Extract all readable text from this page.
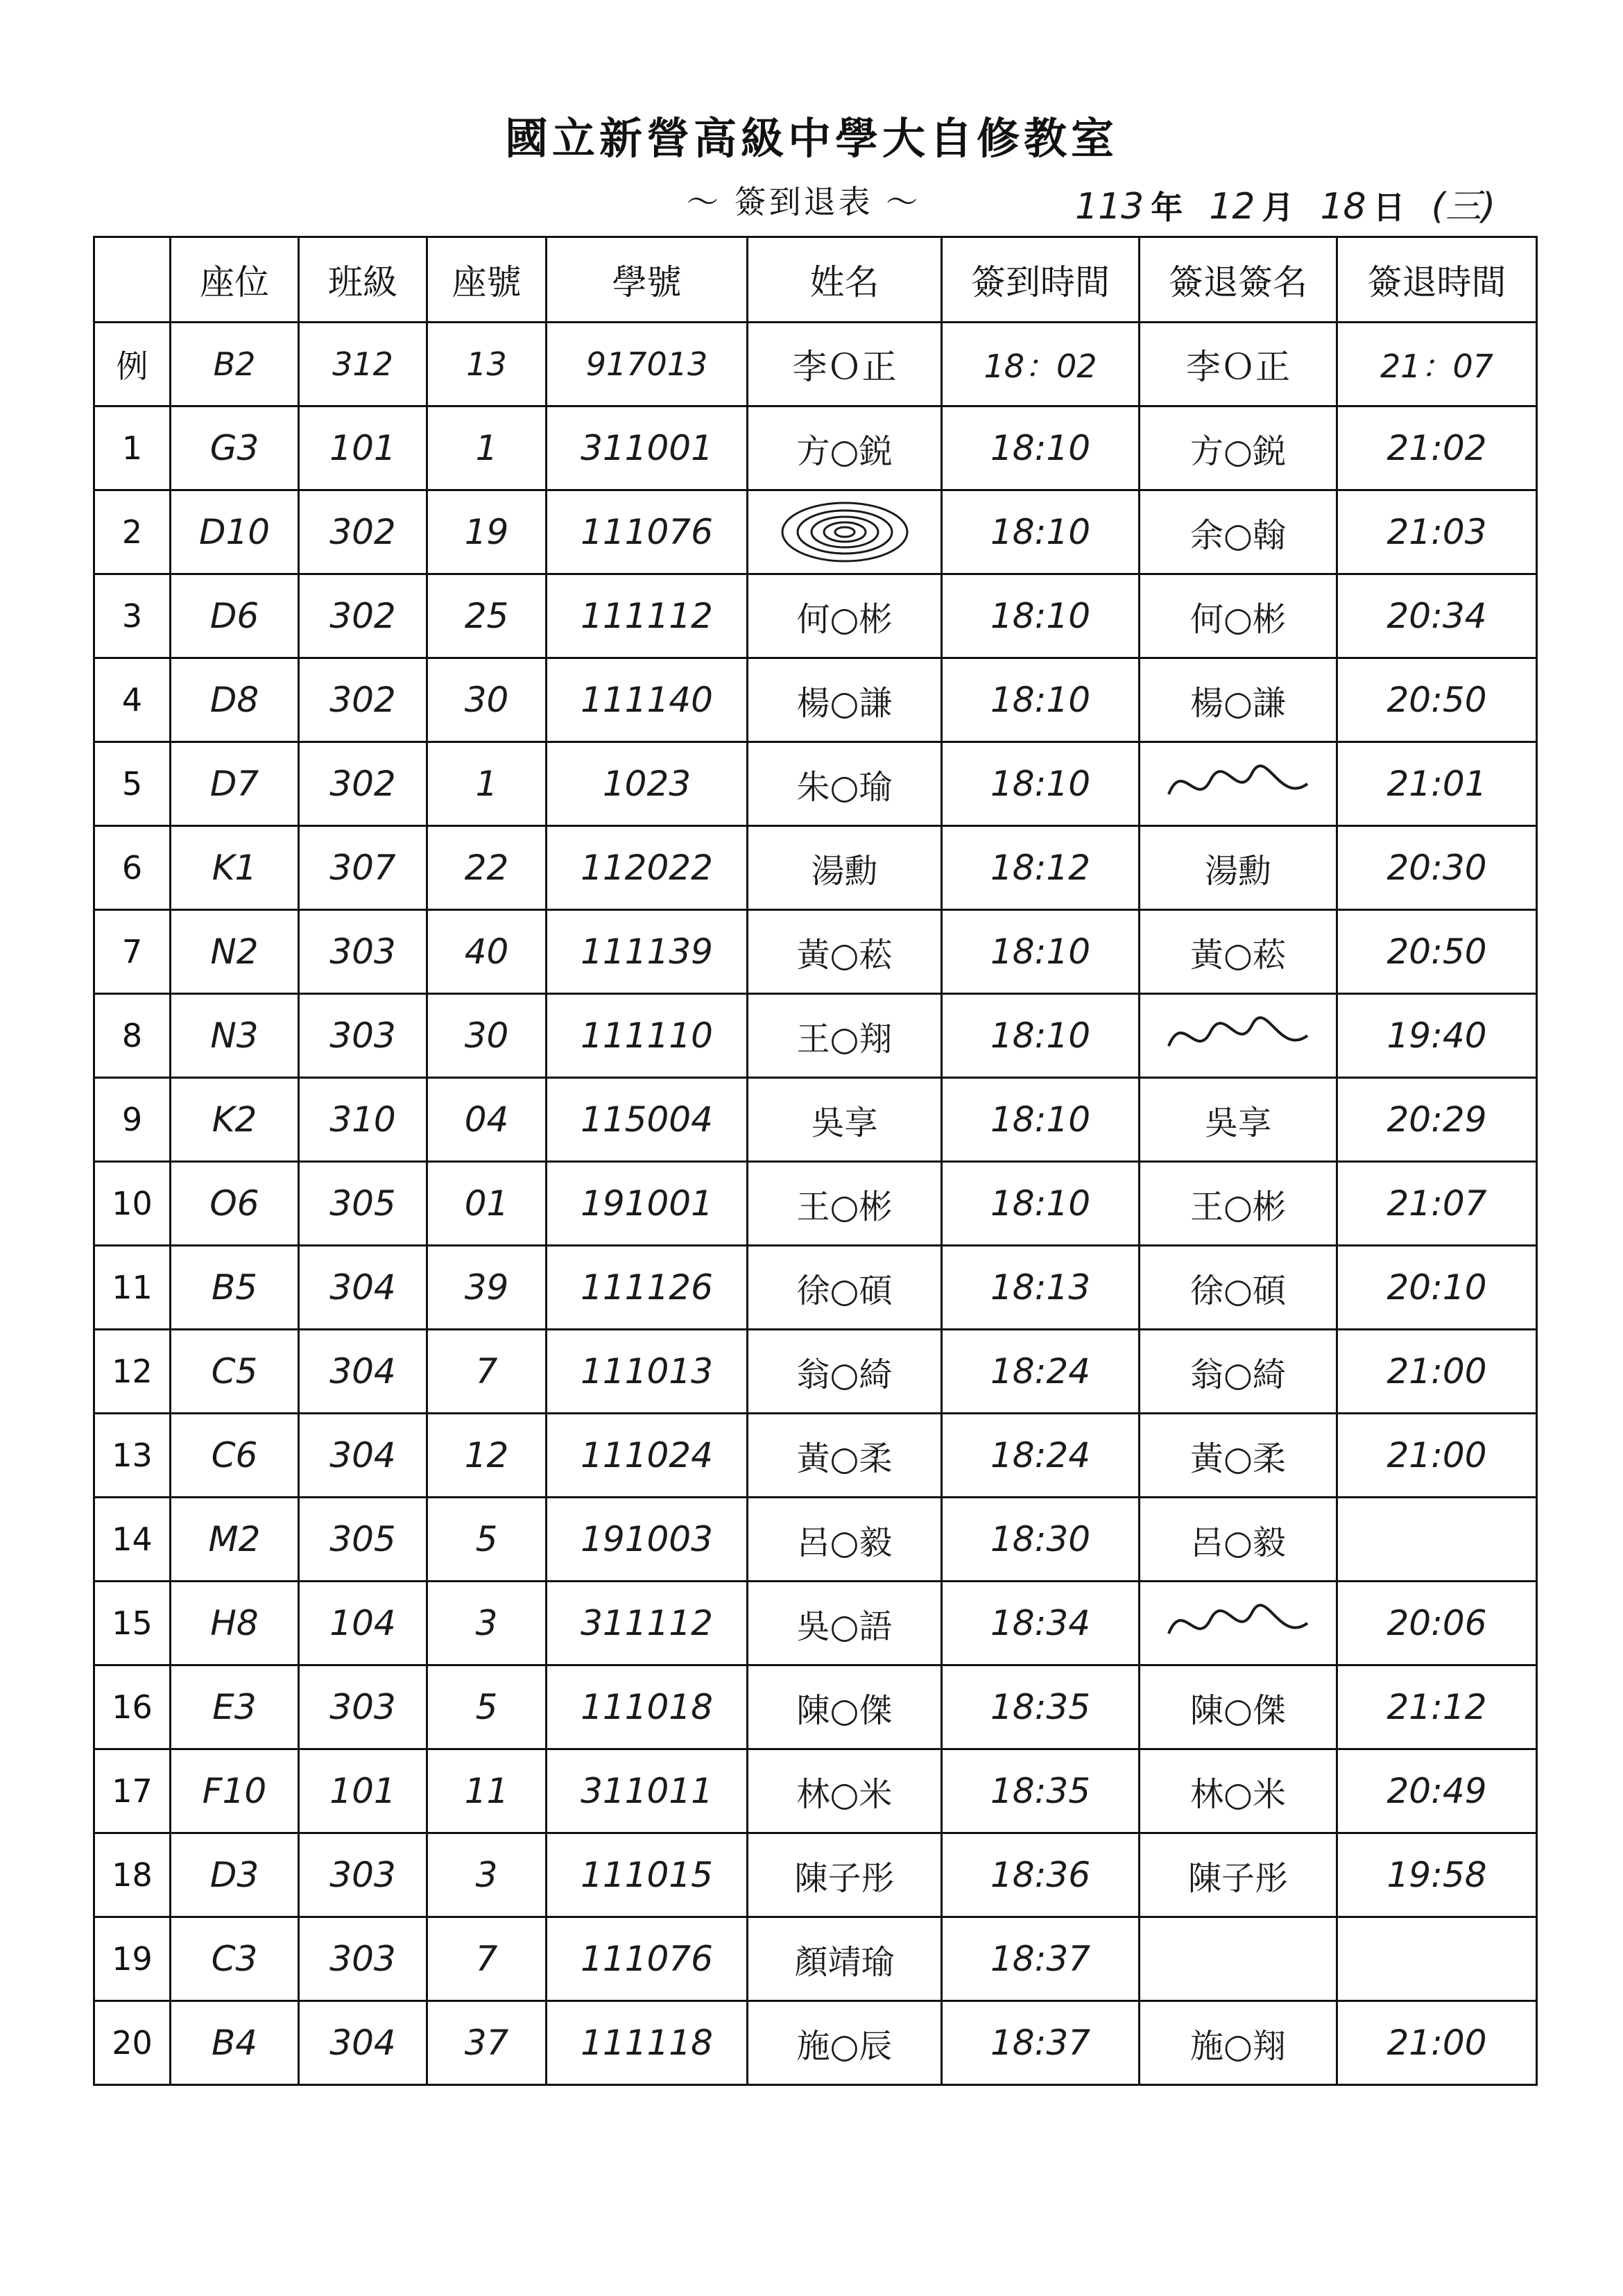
國立新營高級中學大自修教室
～ 簽到退表 ～	113 年 12 月 18 日 (三)
	座位	班級	座號	學號	姓名	簽到時間	簽退簽名	簽退時間
例	B2	312	13	917013	李Ｏ正	18：02	李Ｏ正	21：07
1	G3	101	1	311001	方○鋭	18:10	方○鋭	21:02
2	D10	302	19	111076		18:10	余○翰	21:03
3	D6	302	25	111112	何○彬	18:10	何○彬	20:34
4	D8	302	30	111140	楊○謙	18:10	楊○謙	20:50
5	D7	302	1	1023	朱○瑜	18:10		21:01
6	K1	307	22	112022	湯勳	18:12	湯勳	20:30
7	N2	303	40	111139	黃○菘	18:10	黃○菘	20:50
8	N3	303	30	111110	王○翔	18:10		19:40
9	K2	310	04	115004	吳享	18:10	吳享	20:29
10	O6	305	01	191001	王○彬	18:10	王○彬	21:07
11	B5	304	39	111126	徐○碩	18:13	徐○碩	20:10
12	C5	304	7	111013	翁○綺	18:24	翁○綺	21:00
13	C6	304	12	111024	黃○柔	18:24	黃○柔	21:00
14	M2	305	5	191003	呂○毅	18:30	呂○毅	
15	H8	104	3	311112	吳○語	18:34		20:06
16	E3	303	5	111018	陳○傑	18:35	陳○傑	21:12
17	F10	101	11	311011	林○米	18:35	林○米	20:49
18	D3	303	3	111015	陳子彤	18:36	陳子彤	19:58
19	C3	303	7	111076	顏靖瑜	18:37		
20	B4	304	37	111118	施○辰	18:37	施○翔	21:00
